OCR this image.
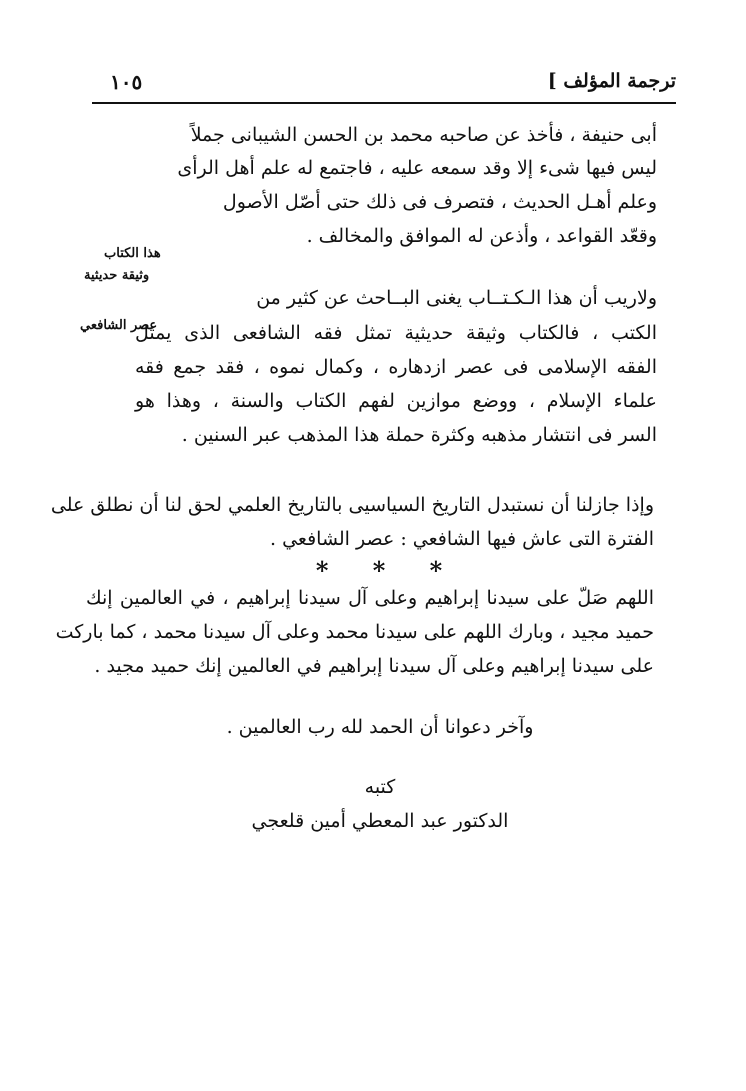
ترجمة المؤلف ]
١٠٥
أبى حنيفة ، فأخذ عن صاحبه محمد بن الحسن الشيبانى جملاً
ليس فيها شىء إلا وقد سمعه عليه ، فاجتمع له علم أهل الرأى
وعلم أهـل الحديث ، فتصرف فى ذلك حتى أصّل الأصول
وقعّد القواعد ، وأذعن له الموافق والمخالف .
هذا الكتاب
وثيقة حديثية
عصر الشافعي
ولاريب أن هذا الـكـتــاب يغنى البــاحث عن كثير من
الكتب ، فالكتاب وثيقة حديثية تمثل فقه الشافعى الذى يمثل
الفقه الإسلامى فى عصر ازدهاره ، وكمال نموه ، فقد جمع فقه
علماء الإسلام ، ووضع موازين لفهم الكتاب والسنة ، وهذا هو
السر فى انتشار مذهبه وكثرة حملة هذا المذهب عبر السنين .
وإذا جازلنا أن نستبدل التاريخ السياسيى بالتاريخ العلمي لحق لنا أن نطلق على
الفترة التى عاش فيها الشافعي : عصر الشافعي .
* * *
اللهم صَلّ على سيدنا إبراهيم وعلى آل سيدنا إبراهيم ، في العالمين إنك
حميد مجيد ، وبارك اللهم على سيدنا محمد وعلى آل سيدنا محمد ، كما باركت
على سيدنا إبراهيم وعلى آل سيدنا إبراهيم في العالمين إنك حميد مجيد .
وآخر دعوانا أن الحمد لله رب العالمين .
كتبه
الدكتور عبد المعطي أمين قلعجي
